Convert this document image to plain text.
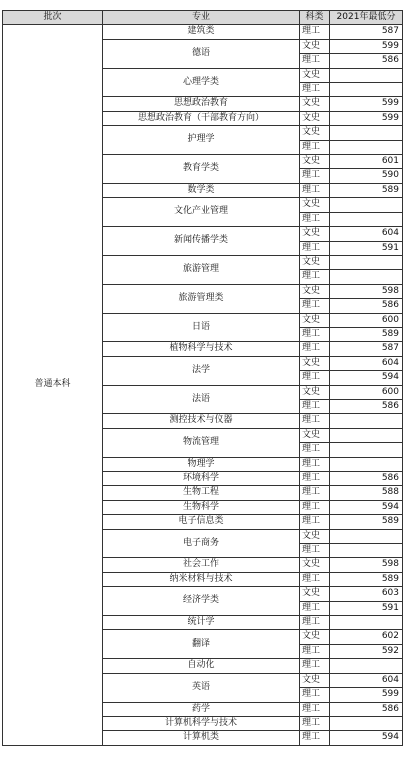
批次	专业	科类	2021年最低分
普通本科	建筑类	理工	587
	德语	文史	599
		理工	586
	心理学类	文史	
		理工	
	思想政治教育	文史	599
	思想政治教育（干部教育方向）	文史	599
	护理学	文史	
		理工	
	教育学类	文史	601
		理工	590
	数学类	理工	589
	文化产业管理	文史	
		理工	
	新闻传播学类	文史	604
		理工	591
	旅游管理	文史	
		理工	
	旅游管理类	文史	598
		理工	586
	日语	文史	600
		理工	589
	植物科学与技术	理工	587
	法学	文史	604
		理工	594
	法语	文史	600
		理工	586
	测控技术与仪器	理工	
	物流管理	文史	
		理工	
	物理学	理工	
	环境科学	理工	586
	生物工程	理工	588
	生物科学	理工	594
	电子信息类	理工	589
	电子商务	文史	
		理工	
	社会工作	文史	598
	纳米材料与技术	理工	589
	经济学类	文史	603
		理工	591
	统计学	理工	
	翻译	文史	602
		理工	592
	自动化	理工	
	英语	文史	604
		理工	599
	药学	理工	586
	计算机科学与技术	理工	
	计算机类	理工	594
